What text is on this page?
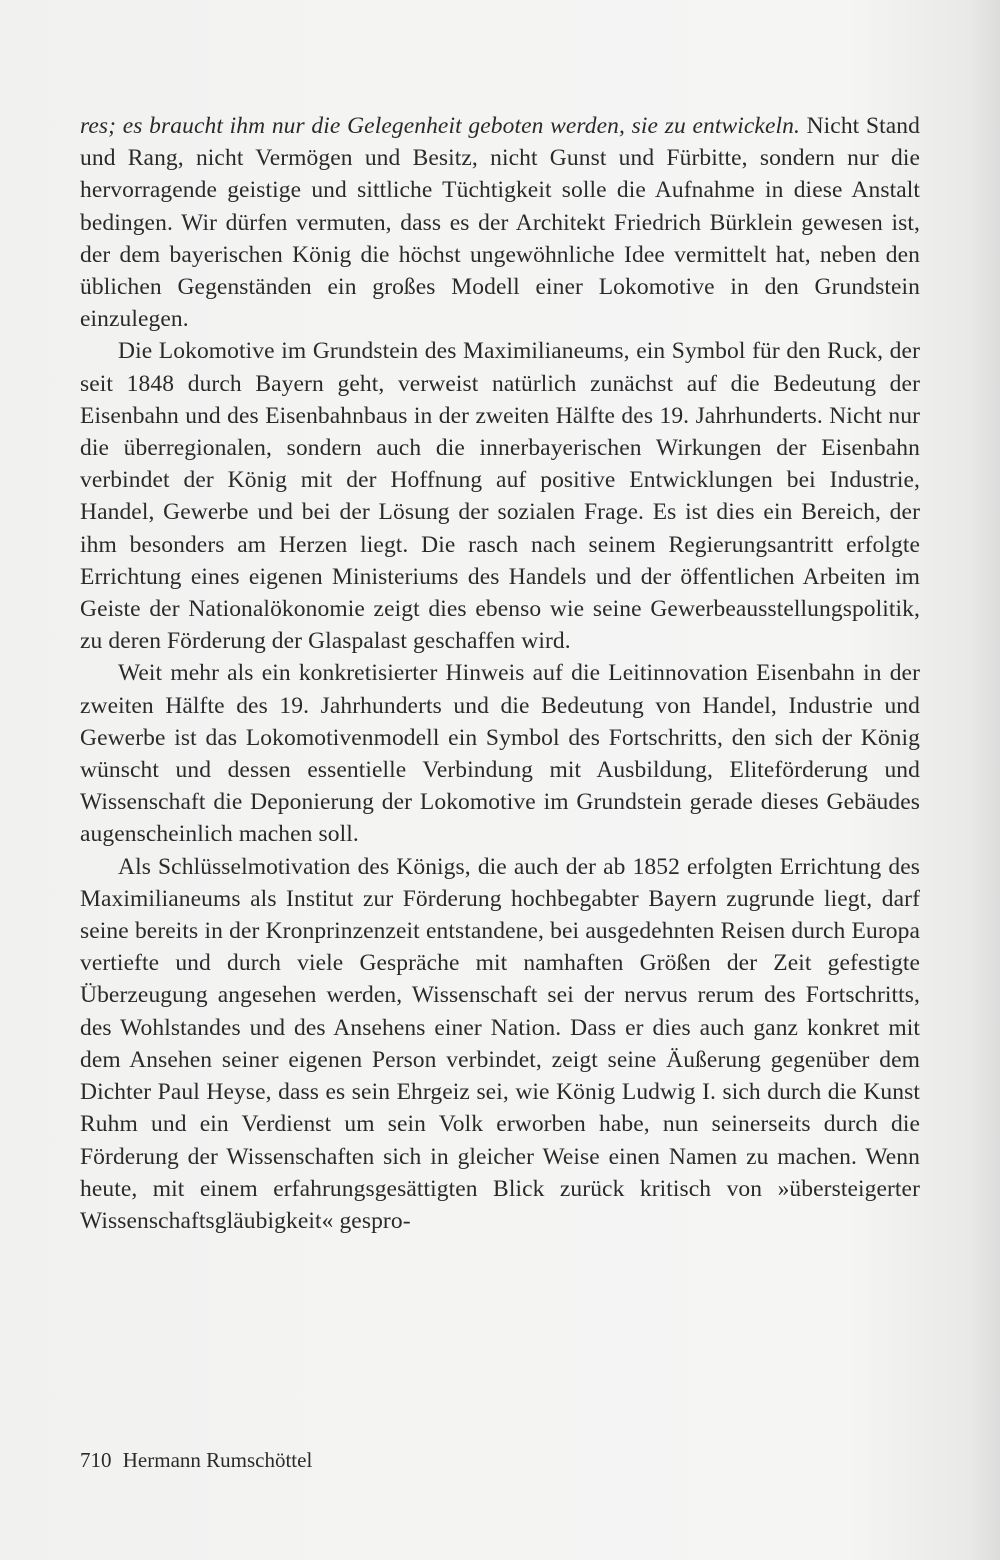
res; es braucht ihm nur die Gelegenheit geboten werden, sie zu entwickeln. Nicht Stand und Rang, nicht Vermögen und Besitz, nicht Gunst und Fürbitte, sondern nur die hervorragende geistige und sittliche Tüchtigkeit solle die Aufnahme in diese Anstalt bedingen. Wir dürfen vermuten, dass es der Architekt Friedrich Bürklein gewesen ist, der dem bayerischen König die höchst ungewöhnliche Idee vermittelt hat, neben den üblichen Gegenständen ein großes Modell einer Lokomotive in den Grundstein einzulegen.

Die Lokomotive im Grundstein des Maximilianeums, ein Symbol für den Ruck, der seit 1848 durch Bayern geht, verweist natürlich zunächst auf die Bedeutung der Eisenbahn und des Eisenbahnbaus in der zweiten Hälfte des 19. Jahrhunderts. Nicht nur die überregionalen, sondern auch die innerbayerischen Wirkungen der Eisenbahn verbindet der König mit der Hoffnung auf positive Entwicklungen bei Industrie, Handel, Gewerbe und bei der Lösung der sozialen Frage. Es ist dies ein Bereich, der ihm besonders am Herzen liegt. Die rasch nach seinem Regierungsantritt erfolgte Errichtung eines eigenen Ministeriums des Handels und der öffentlichen Arbeiten im Geiste der Nationalökonomie zeigt dies ebenso wie seine Gewerbeausstellungspolitik, zu deren Förderung der Glaspalast geschaffen wird.

Weit mehr als ein konkretisierter Hinweis auf die Leitinnovation Eisenbahn in der zweiten Hälfte des 19. Jahrhunderts und die Bedeutung von Handel, Industrie und Gewerbe ist das Lokomotivenmodell ein Symbol des Fortschritts, den sich der König wünscht und dessen essentielle Verbindung mit Ausbildung, Eliteförderung und Wissenschaft die Deponierung der Lokomotive im Grundstein gerade dieses Gebäudes augenscheinlich machen soll.

Als Schlüsselmotivation des Königs, die auch der ab 1852 erfolgten Errichtung des Maximilianeums als Institut zur Förderung hochbegabter Bayern zugrunde liegt, darf seine bereits in der Kronprinzenzeit entstandene, bei ausgedehnten Reisen durch Europa vertiefte und durch viele Gespräche mit namhaften Größen der Zeit gefestigte Überzeugung angesehen werden, Wissenschaft sei der nervus rerum des Fortschritts, des Wohlstandes und des Ansehens einer Nation. Dass er dies auch ganz konkret mit dem Ansehen seiner eigenen Person verbindet, zeigt seine Äußerung gegenüber dem Dichter Paul Heyse, dass es sein Ehrgeiz sei, wie König Ludwig I. sich durch die Kunst Ruhm und ein Verdienst um sein Volk erworben habe, nun seinerseits durch die Förderung der Wissenschaften sich in gleicher Weise einen Namen zu machen. Wenn heute, mit einem erfahrungsgesättigten Blick zurück kritisch von »übersteigerter Wissenschaftsgläubigkeit« gespro-

710 Hermann Rumschöttel
